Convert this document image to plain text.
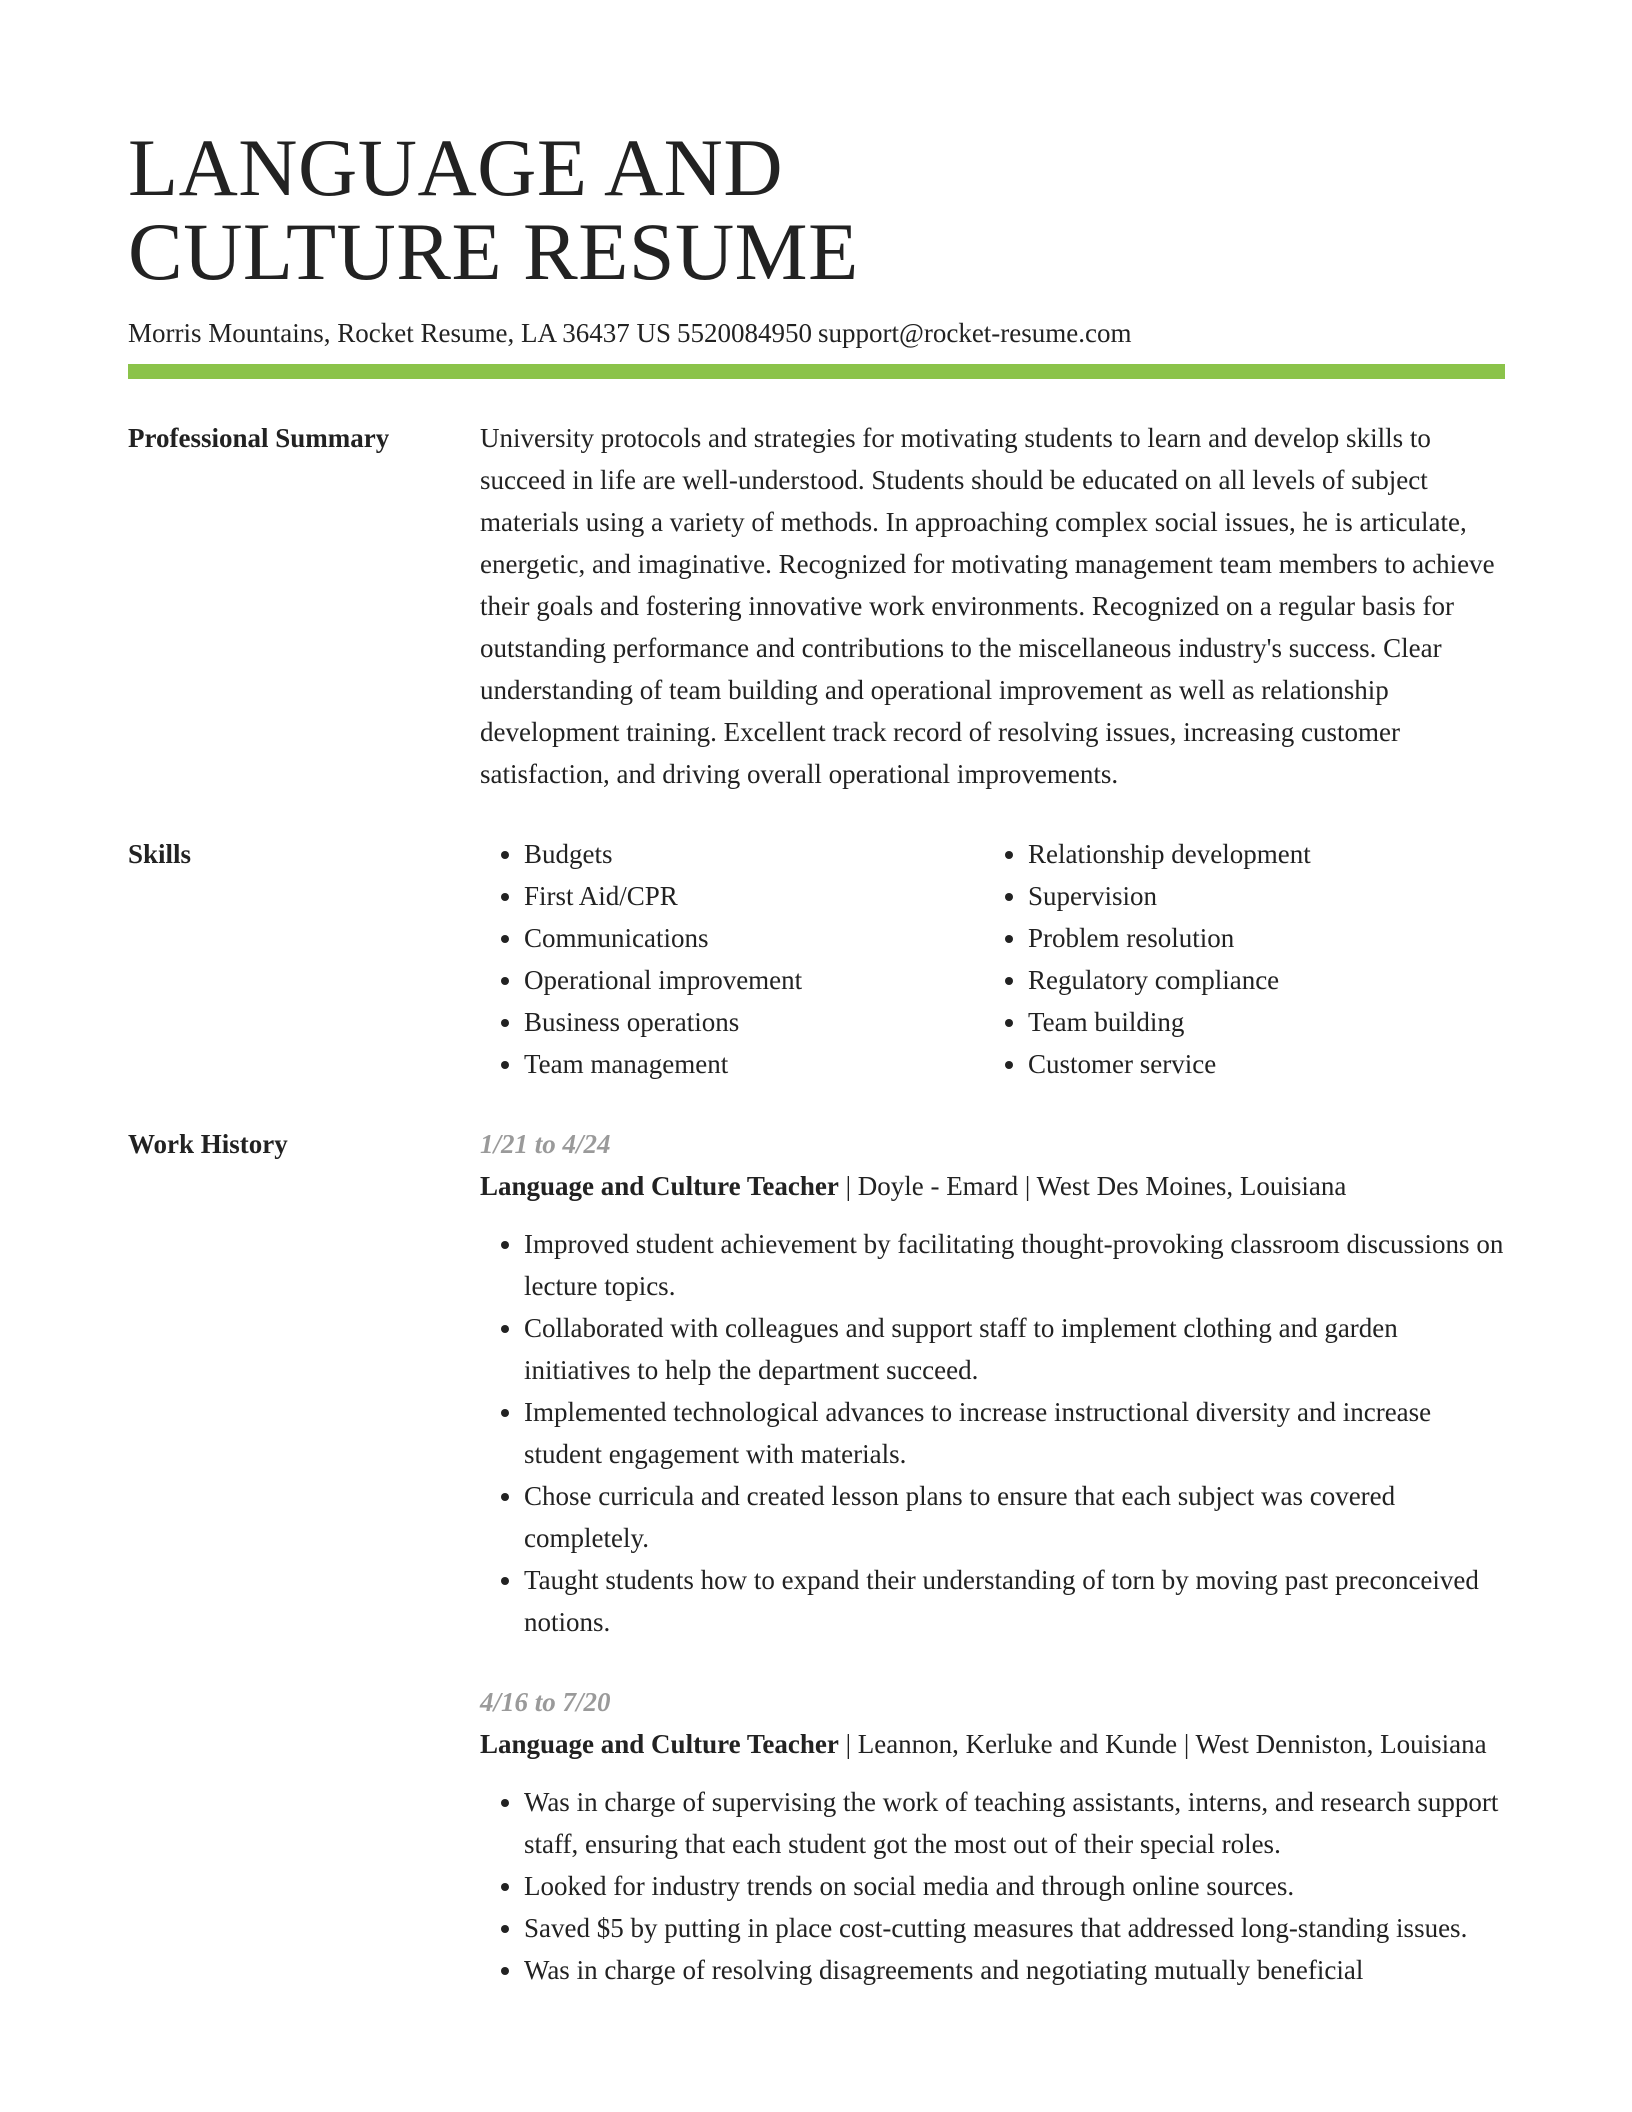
LANGUAGE AND
CULTURE RESUME
Morris Mountains, Rocket Resume, LA 36437 US 5520084950 support@rocket-resume.com
Professional Summary	University protocols and strategies for motivating students to learn and develop skills to succeed in life are well-understood. Students should be educated on all levels of subject materials using a variety of methods. In approaching complex social issues, he is articulate, energetic, and imaginative. Recognized for motivating management team members to achieve their goals and fostering innovative work environments. Recognized on a regular basis for outstanding performance and contributions to the miscellaneous industry's success. Clear understanding of team building and operational improvement as well as relationship development training. Excellent track record of resolving issues, increasing customer satisfaction, and driving overall operational improvements.

Skills
•	Budgets
• First Aid/CPR
• Communications
• Operational improvement
• Business operations
• Team management
• Relationship development
• Supervision
• Problem resolution
• Regulatory compliance
• Team building
• Customer service
Work History	1/21 to 4/24
Language and Culture Teacher | Doyle - Emard | West Des Moines, Louisiana
• Improved student achievement by facilitating thought-provoking classroom discussions on lecture topics.
• Collaborated with colleagues and support staff to implement clothing and garden initiatives to help the department succeed.
• Implemented technological advances to increase instructional diversity and increase student engagement with materials.
• Chose curricula and created lesson plans to ensure that each subject was covered completely.
• Taught students how to expand their understanding of torn by moving past preconceived notions.
4/16 to 7/20
Language and Culture Teacher | Leannon, Kerluke and Kunde | West Denniston, Louisiana
• Was in charge of supervising the work of teaching assistants, interns, and research support staff, ensuring that each student got the most out of their special roles.
• Looked for industry trends on social media and through online sources.
• Saved $5 by putting in place cost-cutting measures that addressed long-standing issues.
• Was in charge of resolving disagreements and negotiating mutually beneficial
